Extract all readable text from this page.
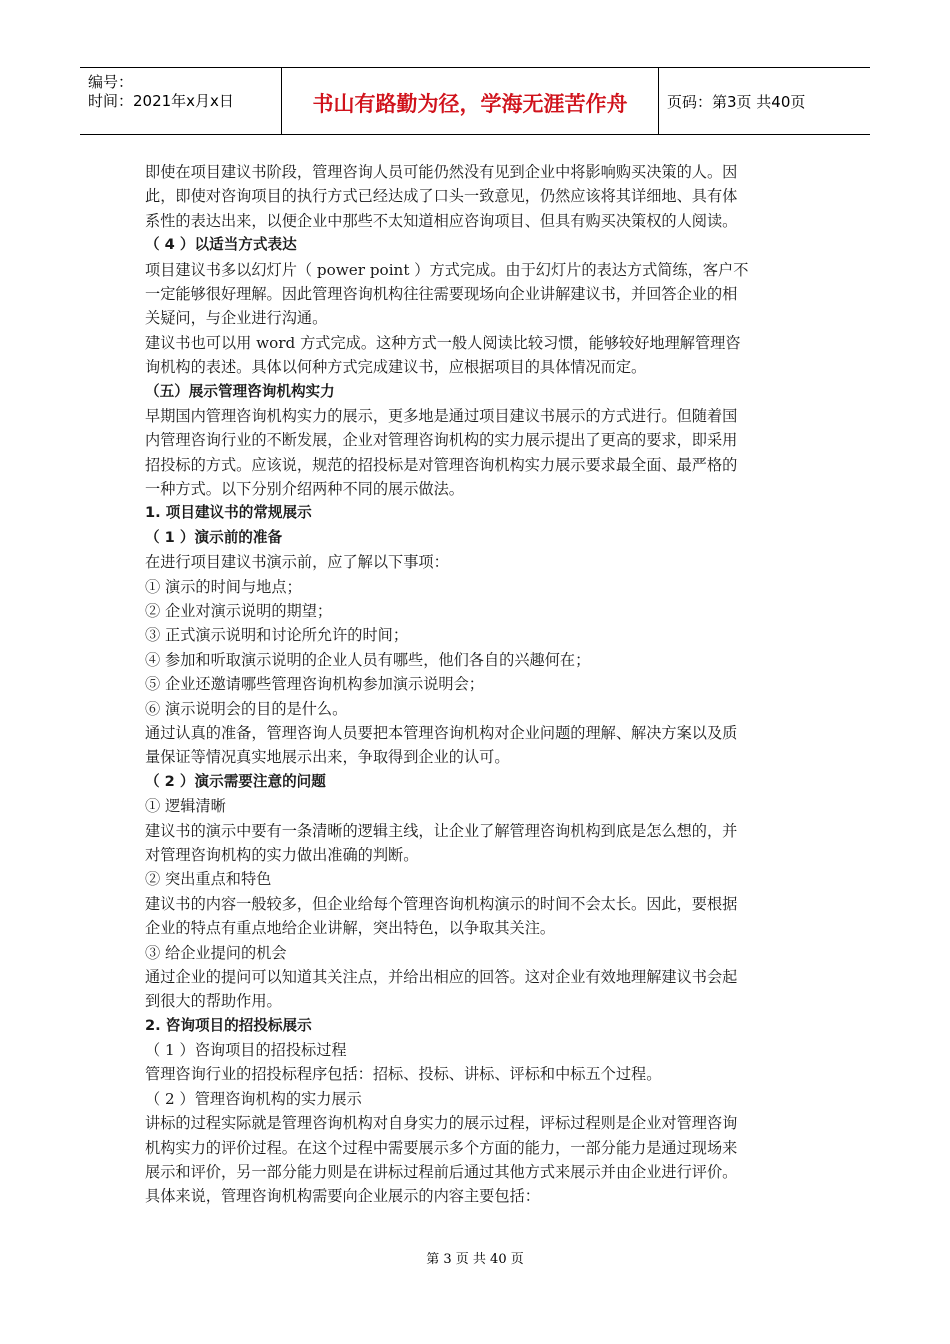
编号：
时间：2021年x月x日	书山有路勤为径，学海无涯苦作舟	页码：第3页 共40页
即使在项目建议书阶段，管理咨询人员可能仍然没有见到企业中将影响购买决策的人。因
此，即使对咨询项目的执行方式已经达成了口头一致意见，仍然应该将其详细地、具有体
系性的表达出来，以便企业中那些不太知道相应咨询项目、但具有购买决策权的人阅读。
（ 4 ）以适当方式表达
项目建议书多以幻灯片（ power point ）方式完成。由于幻灯片的表达方式简练，客户不
一定能够很好理解。因此管理咨询机构往往需要现场向企业讲解建议书，并回答企业的相
关疑问，与企业进行沟通。
建议书也可以用 word 方式完成。这种方式一般人阅读比较习惯，能够较好地理解管理咨
询机构的表述。具体以何种方式完成建议书，应根据项目的具体情况而定。
（五）展示管理咨询机构实力
早期国内管理咨询机构实力的展示，更多地是通过项目建议书展示的方式进行。但随着国
内管理咨询行业的不断发展，企业对管理咨询机构的实力展示提出了更高的要求，即采用
招投标的方式。应该说，规范的招投标是对管理咨询机构实力展示要求最全面、最严格的
一种方式。以下分别介绍两种不同的展示做法。
1. 项目建议书的常规展示
（ 1 ）演示前的准备
在进行项目建议书演示前，应了解以下事项：
① 演示的时间与地点；
② 企业对演示说明的期望；
③ 正式演示说明和讨论所允许的时间；
④ 参加和听取演示说明的企业人员有哪些，他们各自的兴趣何在；
⑤ 企业还邀请哪些管理咨询机构参加演示说明会；
⑥ 演示说明会的目的是什么。
通过认真的准备，管理咨询人员要把本管理咨询机构对企业问题的理解、解决方案以及质
量保证等情况真实地展示出来，争取得到企业的认可。
（ 2 ）演示需要注意的问题
① 逻辑清晰
建议书的演示中要有一条清晰的逻辑主线，让企业了解管理咨询机构到底是怎么想的，并
对管理咨询机构的实力做出准确的判断。
② 突出重点和特色
建议书的内容一般较多，但企业给每个管理咨询机构演示的时间不会太长。因此，要根据
企业的特点有重点地给企业讲解，突出特色，以争取其关注。
③ 给企业提问的机会
通过企业的提问可以知道其关注点，并给出相应的回答。这对企业有效地理解建议书会起
到很大的帮助作用。
2. 咨询项目的招投标展示
（ 1 ）咨询项目的招投标过程
管理咨询行业的招投标程序包括：招标、投标、讲标、评标和中标五个过程。
（ 2 ）管理咨询机构的实力展示
讲标的过程实际就是管理咨询机构对自身实力的展示过程，评标过程则是企业对管理咨询
机构实力的评价过程。在这个过程中需要展示多个方面的能力，一部分能力是通过现场来
展示和评价，另一部分能力则是在讲标过程前后通过其他方式来展示并由企业进行评价。
具体来说，管理咨询机构需要向企业展示的内容主要包括：
第 3 页 共 40 页
